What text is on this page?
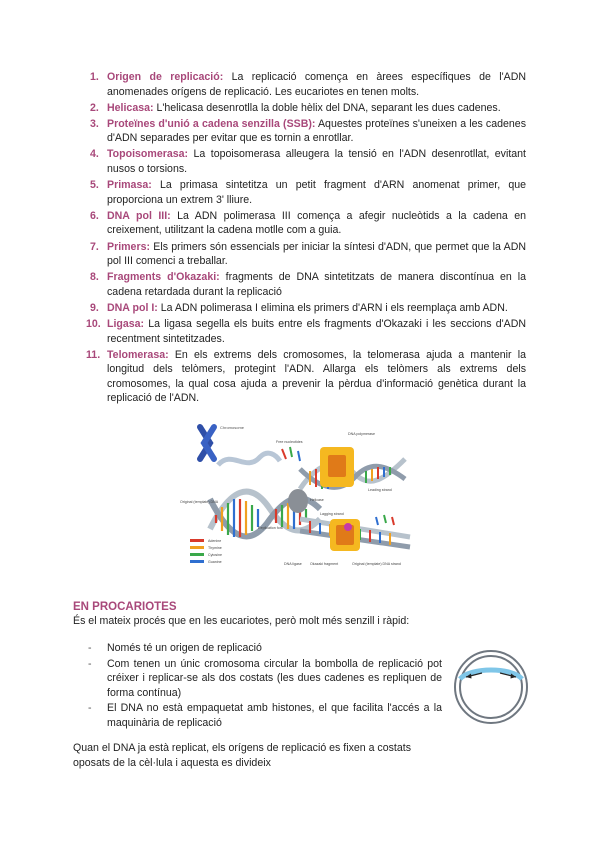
1. Origen de replicació: La replicació comença en àrees específiques de l'ADN anomenades orígens de replicació. Les eucariotes en tenen molts.
2. Helicasa: L'helicasa desenrotlla la doble hèlix del DNA, separant les dues cadenes.
3. Proteïnes d'unió a cadena senzilla (SSB): Aquestes proteïnes s'uneixen a les cadenes d'ADN separades per evitar que es tornin a enrotllar.
4. Topoisomerasa: La topoisomerasa alleugera la tensió en l'ADN desenrotllat, evitant nusos o torsions.
5. Primasa: La primasa sintetitza un petit fragment d'ARN anomenat primer, que proporciona un extrem 3' lliure.
6. DNA pol III: La ADN polimerasa III comença a afegir nucleòtids a la cadena en creixement, utilitzant la cadena motlle com a guia.
7. Primers: Els primers són essencials per iniciar la síntesi d'ADN, que permet que la ADN pol III comenci a treballar.
8. Fragments d'Okazaki: fragments de DNA sintetitzats de manera discontínua en la cadena retardada durant la replicació
9. DNA pol I: La ADN polimerasa I elimina els primers d'ARN i els reemplaça amb ADN.
10. Ligasa: La ligasa segella els buits entre els fragments d'Okazaki i les seccions d'ADN recentment sintetitzades.
11. Telomerasa: En els extrems dels cromosomes, la telomerasa ajuda a mantenir la longitud dels telòmers, protegint l'ADN. Allarga els telòmers als extrems dels cromosomes, la qual cosa ajuda a prevenir la pèrdua d'informació genètica durant la replicació de l'ADN.
Chromosome
Free nucleotides
DNA polymerase
Leading strand
Helicase
Lagging strand
Original (template) DNA
Replication fork
DNA ligase Okazaki fragment	Original (template) DNA strand
Adenine
Thymine
Cytosine
Guanine
EN PROCARIOTES
És el mateix procés que en les eucariotes, però molt més senzill i ràpid:
- Només té un origen de replicació
- Com tenen un únic cromosoma circular la bombolla de replicació pot créixer i replicar-se als dos costats (les dues cadenes es repliquen de forma contínua)
- El DNA no està empaquetat amb histones, el que facilita l'accés a la maquinària de replicació
Quan el DNA ja està replicat, els orígens de replicació es fixen a costats oposats de la cèl·lula i aquesta es divideix
